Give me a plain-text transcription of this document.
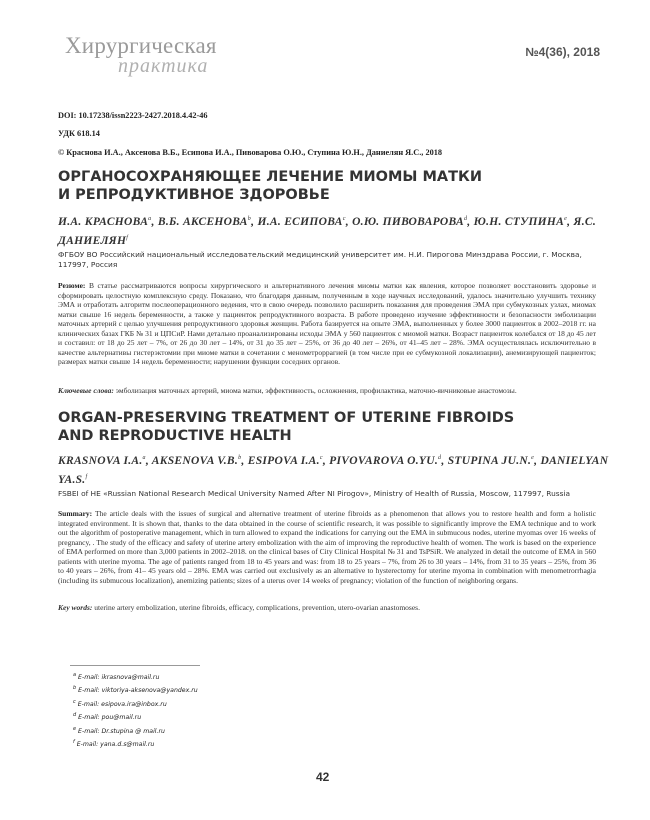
Хирургическая
практика
№4(36), 2018
DOI: 10.17238/issn2223-2427.2018.4.42-46
УДК 618.14
© Краснова И.А., Аксенова В.Б., Есипова И.А., Пивоварова О.Ю., Ступина Ю.Н., Даниелян Я.С., 2018
ОРГАНОСОХРАНЯЮЩЕЕ ЛЕЧЕНИЕ МИОМЫ МАТКИ
И РЕПРОДУКТИВНОЕ ЗДОРОВЬЕ
И.А. КРАСНОВА$^a$, В.Б. АКСЕНОВА$^b$, И.А. ЕСИПОВА$^c$, О.Ю. ПИВОВАРОВА$^d$, Ю.Н. СТУПИНА$^e$, Я.С. ДАНИЕЛЯН$^f$
ФГБОУ ВО Российский национальный исследовательский медицинский университет им. Н.И. Пирогова Минздрава России, г. Москва, 117997, Россия
Резюме: В статье рассматриваются вопросы хирургического и альтернативного лечения миомы матки как явления, которое позволяет восстановить здоровье и сформировать целостную комплексную среду. Показано, что благодаря данным, полученным в ходе научных исследований, удалось значительно улучшить технику ЭМА и отработать алгоритм послеоперационного ведения, что в свою очередь позволило расширить показания для проведения ЭМА при субмукозных узлах, миомах матки свыше 16 недель беременности, а также у пациенток репродуктивного возраста. В работе проведено изучение эффективности и безопасности эмболизации маточных артерий с целью улучшения репродуктивного здоровья женщин. Работа базируется на опыте ЭМА, выполненных у более 3000 пациенток в 2002–2018 гг. на клинических базах ГКБ № 31 и ЦПСиР. Нами детально проанализированы исходы ЭМА у 560 пациенток с миомой матки. Возраст пациенток колебался от 18 до 45 лет и составил: от 18 до 25 лет – 7%, от 26 до 30 лет – 14%, от 31 до 35 лет – 25%, от 36 до 40 лет – 26%, от 41–45 лет – 28%. ЭМА осуществлялась исключительно в качестве альтернативы гистерэктомии при миоме матки в сочетании с менометроррагией (в том числе при ее субмукозной локализации), анемизирующей пациенток; размерах матки свыше 14 недель беременности; нарушении функции соседних органов.
Ключевые слова: эмболизация маточных артерий, миома матки, эффективность, осложнения, профилактика, маточно-яичниковые анастомозы.
ORGAN-PRESERVING TREATMENT OF UTERINE FIBROIDS
AND REPRODUCTIVE HEALTH
KRASNOVA I.A.$^a$, AKSENOVA V.B.$^b$, ESIPOVA I.A.$^c$, PIVOVAROVA O.YU.$^d$, STUPINA JU.N.$^e$, DANIELYAN YA.S.$^f$
FSBEI of HE «Russian National Research Medical University Named After NI Pirogov», Ministry of Health of Russia, Moscow, 117997, Russia
Summary: The article deals with the issues of surgical and alternative treatment of uterine fibroids as a phenomenon that allows you to restore health and form a holistic integrated environment. It is shown that, thanks to the data obtained in the course of scientific research, it was possible to significantly improve the EMA technique and to work out the algorithm of postoperative management, which in turn allowed to expand the indications for carrying out the EMA in submucous nodes, uterine myomas over 16 weeks of pregnancy, . The study of the efficacy and safety of uterine artery embolization with the aim of improving the reproductive health of women. The work is based on the experience of EMA performed on more than 3,000 patients in 2002–2018. on the clinical bases of City Clinical Hospital № 31 and TsPSiR. We analyzed in detail the outcome of EMA in 560 patients with uterine myoma. The age of patients ranged from 18 to 45 years and was: from 18 to 25 years – 7%, from 26 to 30 years – 14%, from 31 to 35 years – 25%, from 36 to 40 years – 26%, from 41– 45 years old – 28%. EMA was carried out exclusively as an alternative to hysterectomy for uterine myoma in combination with menometrorrhagia (including its submucous localization), anemizing patients; sizes of a uterus over 14 weeks of pregnancy; violation of the function of neighboring organs.
Key words: uterine artery embolization, uterine fibroids, efficacy, complications, prevention, utero-ovarian anastomoses.
$^a$ E-mail: ikrasnova@mail.ru
$^b$ E-mail: viktoriya-aksenova@yandex.ru
$^c$ E-mail: esipova.ira@inbox.ru
$^d$ E-mail: pou@mail.ru
$^e$ E-mail: Dr.stupina @ mail.ru
$^f$ E-mail: yana.d.s@mail.ru
42
